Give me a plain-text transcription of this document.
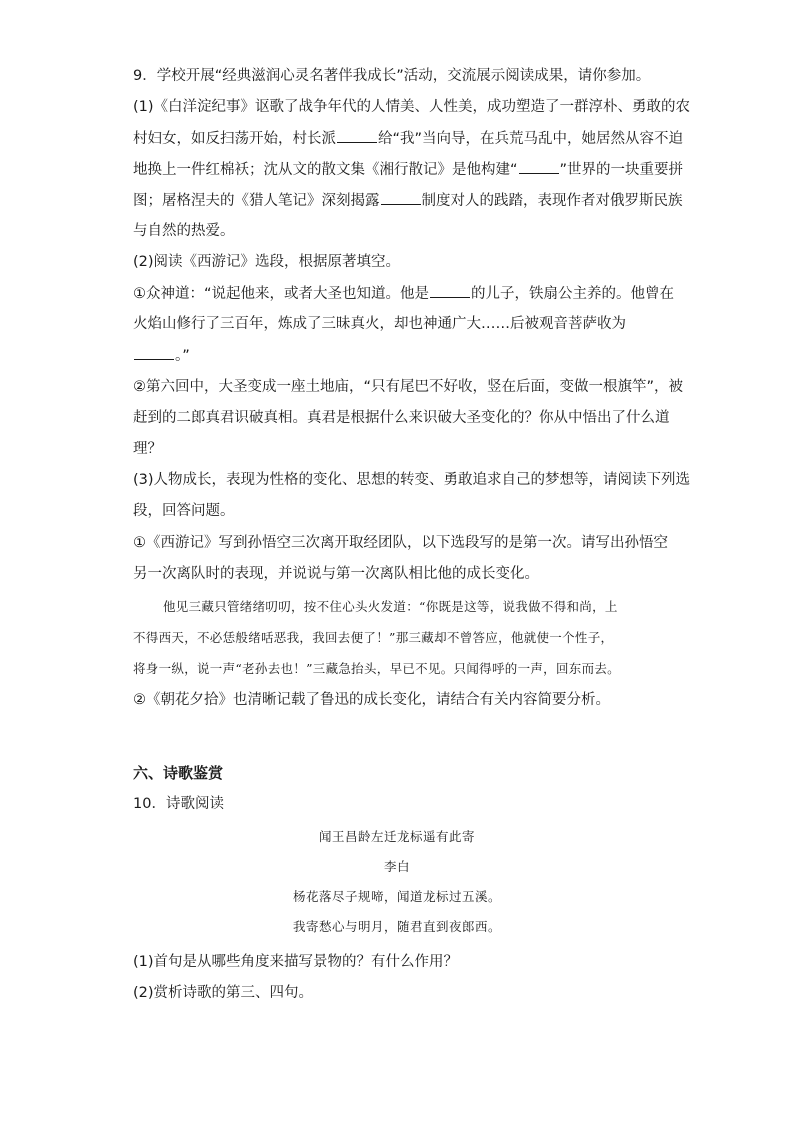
9．学校开展“经典滋润心灵名著伴我成长”活动，交流展示阅读成果，请你参加。
(1)《白洋淀纪事》讴歌了战争年代的人情美、人性美，成功塑造了一群淳朴、勇敢的农
村妇女，如反扫荡开始，村长派	给“我”当向导，在兵荒马乱中，她居然从容不迫
地换上一件红棉袄；沈从文的散文集《湘行散记》是他构建“	”世界的一块重要拼
图；屠格涅夫的《猎人笔记》深刻揭露	制度对人的践踏，表现作者对俄罗斯民族
与自然的热爱。
(2)阅读《西游记》选段，根据原著填空。
①众神道：“说起他来，或者大圣也知道。他是	的儿子，铁扇公主养的。他曾在
火焰山修行了三百年，炼成了三昧真火，却也神通广大……后被观音菩萨收为
。”
②第六回中，大圣变成一座土地庙，“只有尾巴不好收，竖在后面，变做一根旗竿”，被
赶到的二郎真君识破真相。真君是根据什么来识破大圣变化的？你从中悟出了什么道
理？
(3)人物成长，表现为性格的变化、思想的转变、勇敢追求自己的梦想等，请阅读下列选
段，回答问题。
①《西游记》写到孙悟空三次离开取经团队，以下选段写的是第一次。请写出孙悟空
另一次离队时的表现，并说说与第一次离队相比他的成长变化。
他见三藏只管绪绪叨叨，按不住心头火发道：“你既是这等，说我做不得和尚，上
不得西天，不必恁般绪咶恶我，我回去便了！”那三藏却不曾答应，他就使一个性子，
将身一纵，说一声“老孙去也！”三藏急抬头，早已不见。只闻得呼的一声，回东而去。
②《朝花夕拾》也清晰记载了鲁迅的成长变化，请结合有关内容简要分析。
六、诗歌鉴赏
10．诗歌阅读
闻王昌龄左迁龙标遥有此寄
李白
杨花落尽子规啼，闻道龙标过五溪。
我寄愁心与明月，随君直到夜郎西。
(1)首句是从哪些角度来描写景物的？有什么作用？
(2)赏析诗歌的第三、四句。
